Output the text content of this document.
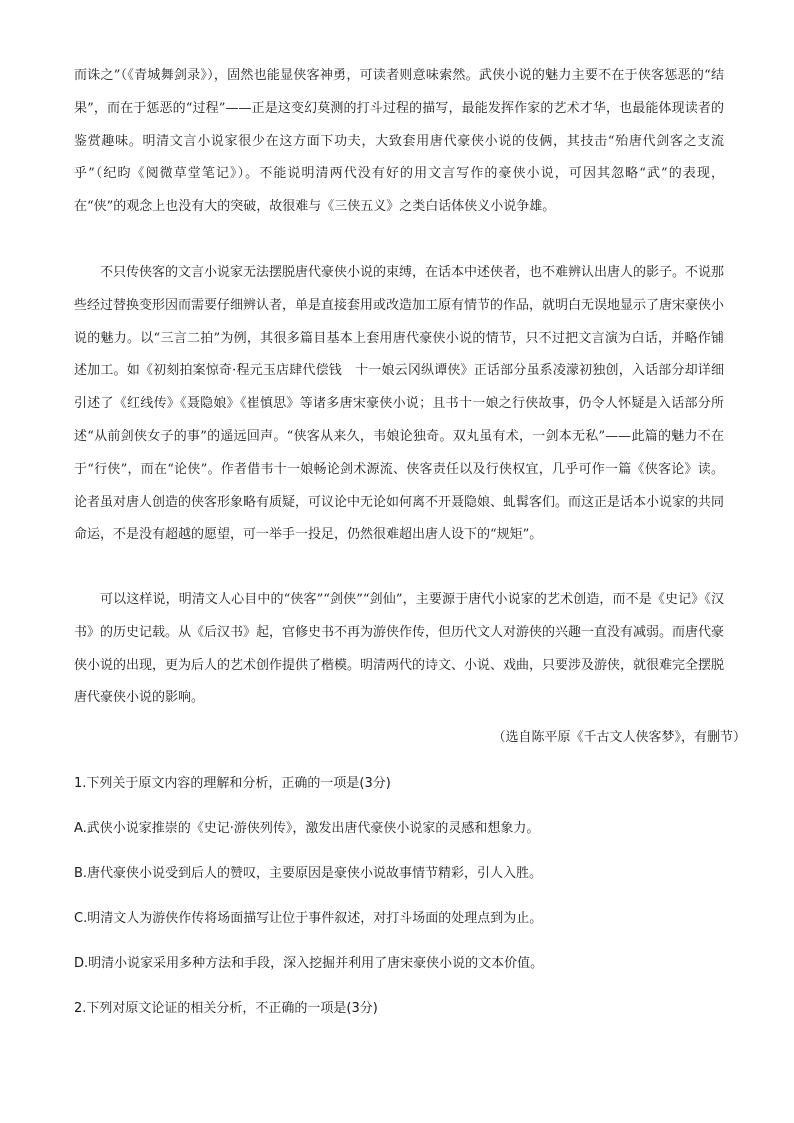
而诛之”（《青城舞剑录》），固然也能显侠客神勇，可读者则意味索然。武侠小说的魅力主要不在于侠客惩恶的“结果”，而在于惩恶的“过程”——正是这变幻莫测的打斗过程的描写，最能发挥作家的艺术才华，也最能体现读者的鉴赏趣味。明清文言小说家很少在这方面下功夫，大致套用唐代豪侠小说的伎俩，其技击“殆唐代剑客之支流乎”（纪昀《阅微草堂笔记》）。不能说明清两代没有好的用文言写作的豪侠小说，可因其忽略“武”的表现，在“侠”的观念上也没有大的突破，故很难与《三侠五义》之类白话体侠义小说争雄。

不只传侠客的文言小说家无法摆脱唐代豪侠小说的束缚，在话本中述侠者，也不难辨认出唐人的影子。不说那些经过替换变形因而需要仔细辨认者，单是直接套用或改造加工原有情节的作品，就明白无误地显示了唐宋豪侠小说的魅力。以“三言二拍”为例，其很多篇目基本上套用唐代豪侠小说的情节，只不过把文言演为白话，并略作铺述加工。如《初刻拍案惊奇·程元玉店肆代偿钱　十一娘云冈纵谭侠》正话部分虽系凌濛初独创，入话部分却详细引述了《红线传》《聂隐娘》《崔慎思》等诸多唐宋豪侠小说；且书十一娘之行侠故事，仍令人怀疑是入话部分所述“从前剑侠女子的事”的遥远回声。“侠客从来久，韦娘论独奇。双丸虽有术，一剑本无私”——此篇的魅力不在于“行侠”，而在“论侠”。作者借韦十一娘畅论剑术源流、侠客责任以及行侠权宜，几乎可作一篇《侠客论》读。论者虽对唐人创造的侠客形象略有质疑，可议论中无论如何离不开聂隐娘、虬髯客们。而这正是话本小说家的共同命运，不是没有超越的愿望，可一举手一投足，仍然很难超出唐人设下的“规矩”。

可以这样说，明清文人心目中的“侠客”“剑侠”“剑仙”，主要源于唐代小说家的艺术创造，而不是《史记》《汉书》的历史记载。从《后汉书》起，官修史书不再为游侠作传，但历代文人对游侠的兴趣一直没有减弱。而唐代豪侠小说的出现，更为后人的艺术创作提供了楷模。明清两代的诗文、小说、戏曲，只要涉及游侠，就很难完全摆脱唐代豪侠小说的影响。

（选自陈平原《千古文人侠客梦》，有删节）

1.下列关于原文内容的理解和分析，正确的一项是(3分)

A.武侠小说家推崇的《史记·游侠列传》，激发出唐代豪侠小说家的灵感和想象力。

B.唐代豪侠小说受到后人的赞叹，主要原因是豪侠小说故事情节精彩，引人入胜。

C.明清文人为游侠作传将场面描写让位于事件叙述，对打斗场面的处理点到为止。

D.明清小说家采用多种方法和手段，深入挖掘并利用了唐宋豪侠小说的文本价值。

2.下列对原文论证的相关分析，不正确的一项是(3分)
